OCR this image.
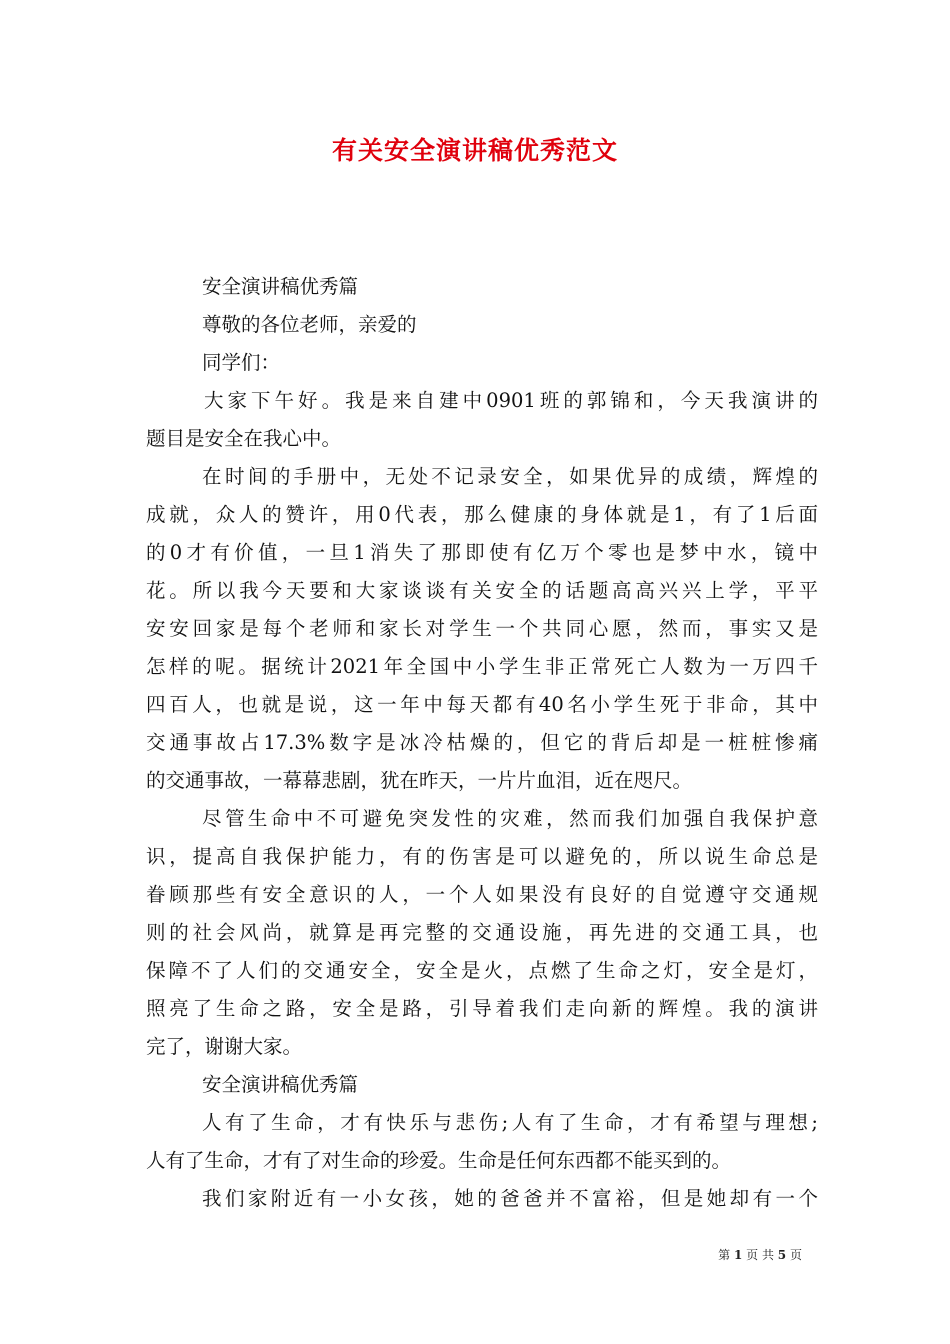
有关安全演讲稿优秀范文
安全演讲稿优秀篇
尊敬的各位老师，亲爱的
同学们：
大家下午好。我是来自建中0901班的郭锦和，今天我演讲的
题目是安全在我心中。
在时间的手册中，无处不记录安全，如果优异的成绩，辉煌的
成就，众人的赞许，用0代表，那么健康的身体就是1，有了1后面
的0才有价值，一旦1消失了那即使有亿万个零也是梦中水，镜中
花。所以我今天要和大家谈谈有关安全的话题高高兴兴上学，平平
安安回家是每个老师和家长对学生一个共同心愿，然而，事实又是
怎样的呢。据统计2021年全国中小学生非正常死亡人数为一万四千
四百人，也就是说，这一年中每天都有40名小学生死于非命，其中
交通事故占17.3%数字是冰冷枯燥的，但它的背后却是一桩桩惨痛
的交通事故，一幕幕悲剧，犹在昨天，一片片血泪，近在咫尺。
尽管生命中不可避免突发性的灾难，然而我们加强自我保护意
识，提高自我保护能力，有的伤害是可以避免的，所以说生命总是
眷顾那些有安全意识的人，一个人如果没有良好的自觉遵守交通规
则的社会风尚，就算是再完整的交通设施，再先进的交通工具，也
保障不了人们的交通安全，安全是火，点燃了生命之灯，安全是灯，
照亮了生命之路，安全是路，引导着我们走向新的辉煌。我的演讲
完了，谢谢大家。
安全演讲稿优秀篇
人有了生命，才有快乐与悲伤;人有了生命，才有希望与理想;
人有了生命，才有了对生命的珍爱。生命是任何东西都不能买到的。
我们家附近有一小女孩，她的爸爸并不富裕，但是她却有一个
第 1 页 共 5 页
